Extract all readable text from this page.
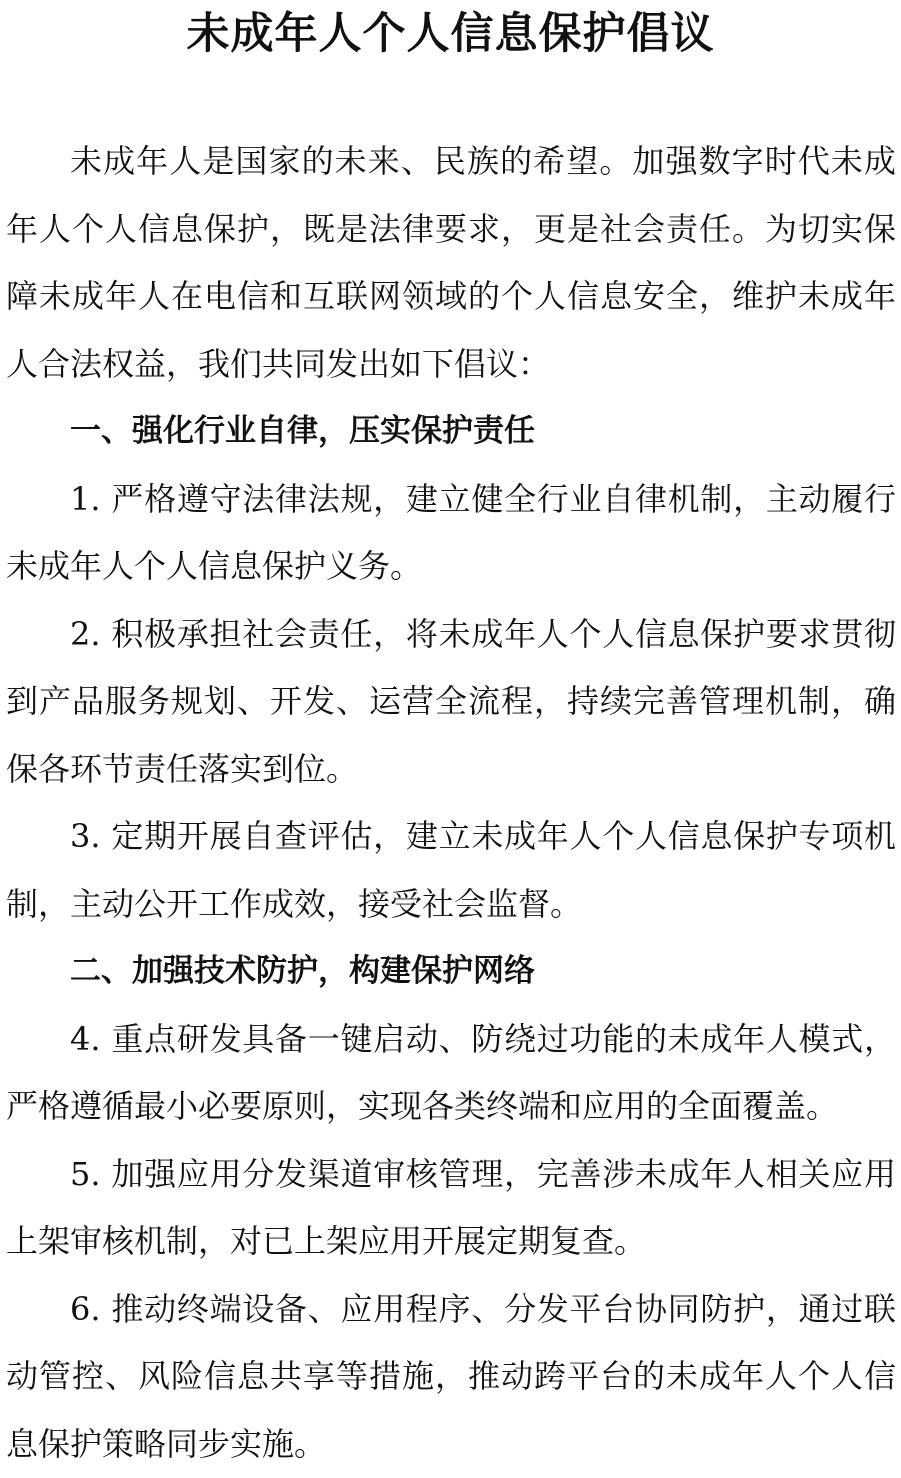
未成年人个人信息保护倡议

未成年人是国家的未来、民族的希望。加强数字时代未成年人个人信息保护，既是法律要求，更是社会责任。为切实保障未成年人在电信和互联网领域的个人信息安全，维护未成年人合法权益，我们共同发出如下倡议：

一、强化行业自律，压实保护责任

1. 严格遵守法律法规，建立健全行业自律机制，主动履行未成年人个人信息保护义务。

2. 积极承担社会责任，将未成年人个人信息保护要求贯彻到产品服务规划、开发、运营全流程，持续完善管理机制，确保各环节责任落实到位。

3. 定期开展自查评估，建立未成年人个人信息保护专项机制，主动公开工作成效，接受社会监督。

二、加强技术防护，构建保护网络

4. 重点研发具备一键启动、防绕过功能的未成年人模式，严格遵循最小必要原则，实现各类终端和应用的全面覆盖。

5. 加强应用分发渠道审核管理，完善涉未成年人相关应用上架审核机制，对已上架应用开展定期复查。

6. 推动终端设备、应用程序、分发平台协同防护，通过联动管控、风险信息共享等措施，推动跨平台的未成年人个人信息保护策略同步实施。
